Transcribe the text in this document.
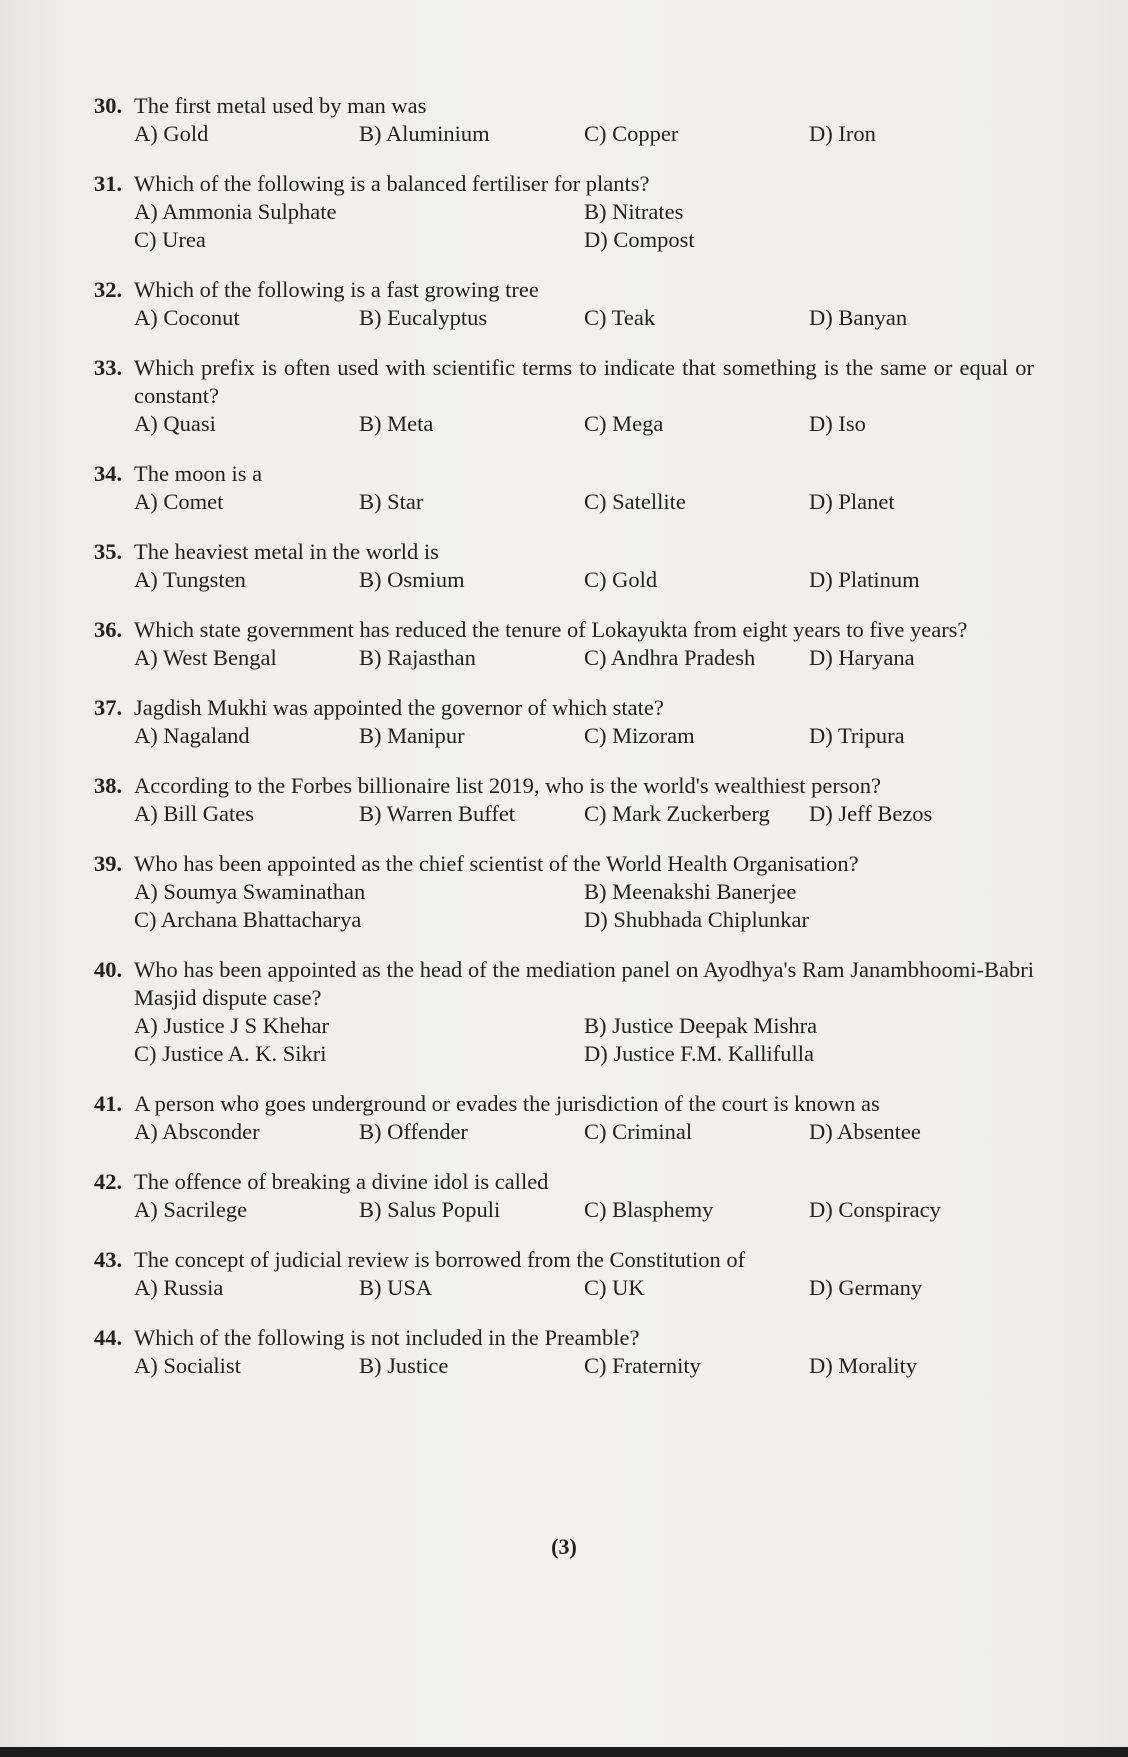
30. The first metal used by man was
A) Gold	B) Aluminium	C) Copper	D) Iron
31. Which of the following is a balanced fertiliser for plants?
A) Ammonia Sulphate	B) Nitrates
C) Urea	D) Compost
32. Which of the following is a fast growing tree
A) Coconut	B) Eucalyptus	C) Teak	D) Banyan
33. Which prefix is often used with scientific terms to indicate that something is the same or equal or constant?
A) Quasi	B) Meta	C) Mega	D) Iso
34. The moon is a
A) Comet	B) Star	C) Satellite	D) Planet
35. The heaviest metal in the world is
A) Tungsten	B) Osmium	C) Gold	D) Platinum
36. Which state government has reduced the tenure of Lokayukta from eight years to five years?
A) West Bengal	B) Rajasthan	C) Andhra Pradesh	D) Haryana
37. Jagdish Mukhi was appointed the governor of which state?
A) Nagaland	B) Manipur	C) Mizoram	D) Tripura
38. According to the Forbes billionaire list 2019, who is the world's wealthiest person?
A) Bill Gates	B) Warren Buffet	C) Mark Zuckerberg	D) Jeff Bezos
39. Who has been appointed as the chief scientist of the World Health Organisation?
A) Soumya Swaminathan	B) Meenakshi Banerjee
C) Archana Bhattacharya	D) Shubhada Chiplunkar
40. Who has been appointed as the head of the mediation panel on Ayodhya's Ram Janambhoomi-Babri Masjid dispute case?
A) Justice J S Khehar	B) Justice Deepak Mishra
C) Justice A. K. Sikri	D) Justice F.M. Kallifulla
41. A person who goes underground or evades the jurisdiction of the court is known as
A) Absconder	B) Offender	C) Criminal	D) Absentee
42. The offence of breaking a divine idol is called
A) Sacrilege	B) Salus Populi	C) Blasphemy	D) Conspiracy
43. The concept of judicial review is borrowed from the Constitution of
A) Russia	B) USA	C) UK	D) Germany
44. Which of the following is not included in the Preamble?
A) Socialist	B) Justice	C) Fraternity	D) Morality
(3)
